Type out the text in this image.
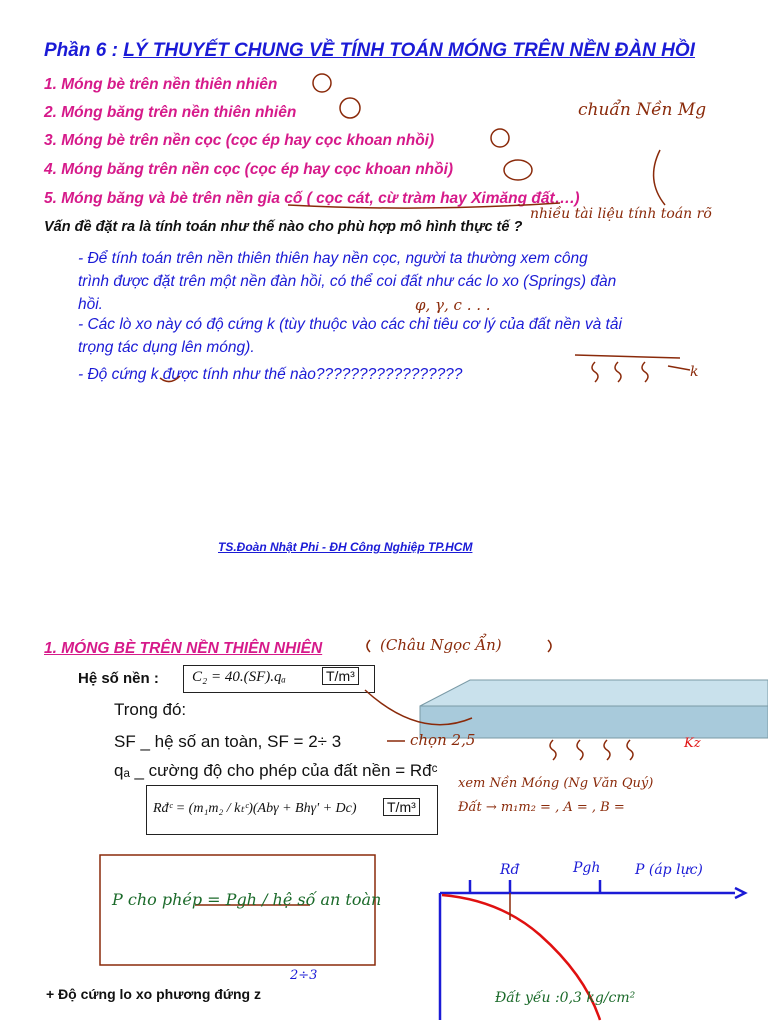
Phần 6 : LÝ THUYẾT CHUNG VỀ TÍNH TOÁN MÓNG TRÊN NỀN ĐÀN HỒI
1. Móng bè trên nền thiên nhiên
2. Móng băng trên nền thiên nhiên
3. Móng bè trên nền cọc (cọc ép hay cọc khoan nhồi)
4. Móng băng trên nền cọc (cọc ép hay cọc khoan nhồi)
5. Móng băng và bè trên nền gia cố ( cọc cát, cừ tràm hay Ximăng đất….)
Vấn đề đặt ra là tính toán như thế nào cho phù hợp mô hình thực tế ?
- Để tính toán trên nền thiên thiên hay nền cọc, người ta thường xem công
trình được đặt trên một nền đàn hồi, có thể coi đất như các lo xo (Springs) đàn
hồi.
- Các lò xo này có độ cứng k (tùy thuộc vào các chỉ tiêu cơ lý của đất nền và tải
trọng tác dụng lên móng).
- Độ cứng k được tính như thế nào?????????????????
TS.Đoàn Nhật Phi - ĐH Công Nghiệp TP.HCM
1. MÓNG BÈ TRÊN NỀN THIÊN NHIÊN
Hệ số nền : C₂ = 40.(SF).qₐ	T/m³
Trong đó:
SF _ hệ số an toàn, SF = 2÷ 3
qₐ _ cường độ cho phép của đất nền = Rđᶜ
Rđᶜ = (m₁m₂ / kₜᶜ)(Abγ + Bhγ' + Dc) T/m³
+ Độ cứng lo xo phương đứng z
chuẩn Nền Mg
nhiều tài liệu tính toán rõ
φ, γ, c . . .
k
(Châu Ngọc Ẩn)
chọn 2,5
xem Nền Móng (Ng Văn Quý)
Đất → m₁m₂ = , A = , B =
P cho phép = Pgh / hệ số an toàn
P (áp lực)
Pgh
Rđ
Đất yếu :0,3 kg/cm²
2÷3
Kz
